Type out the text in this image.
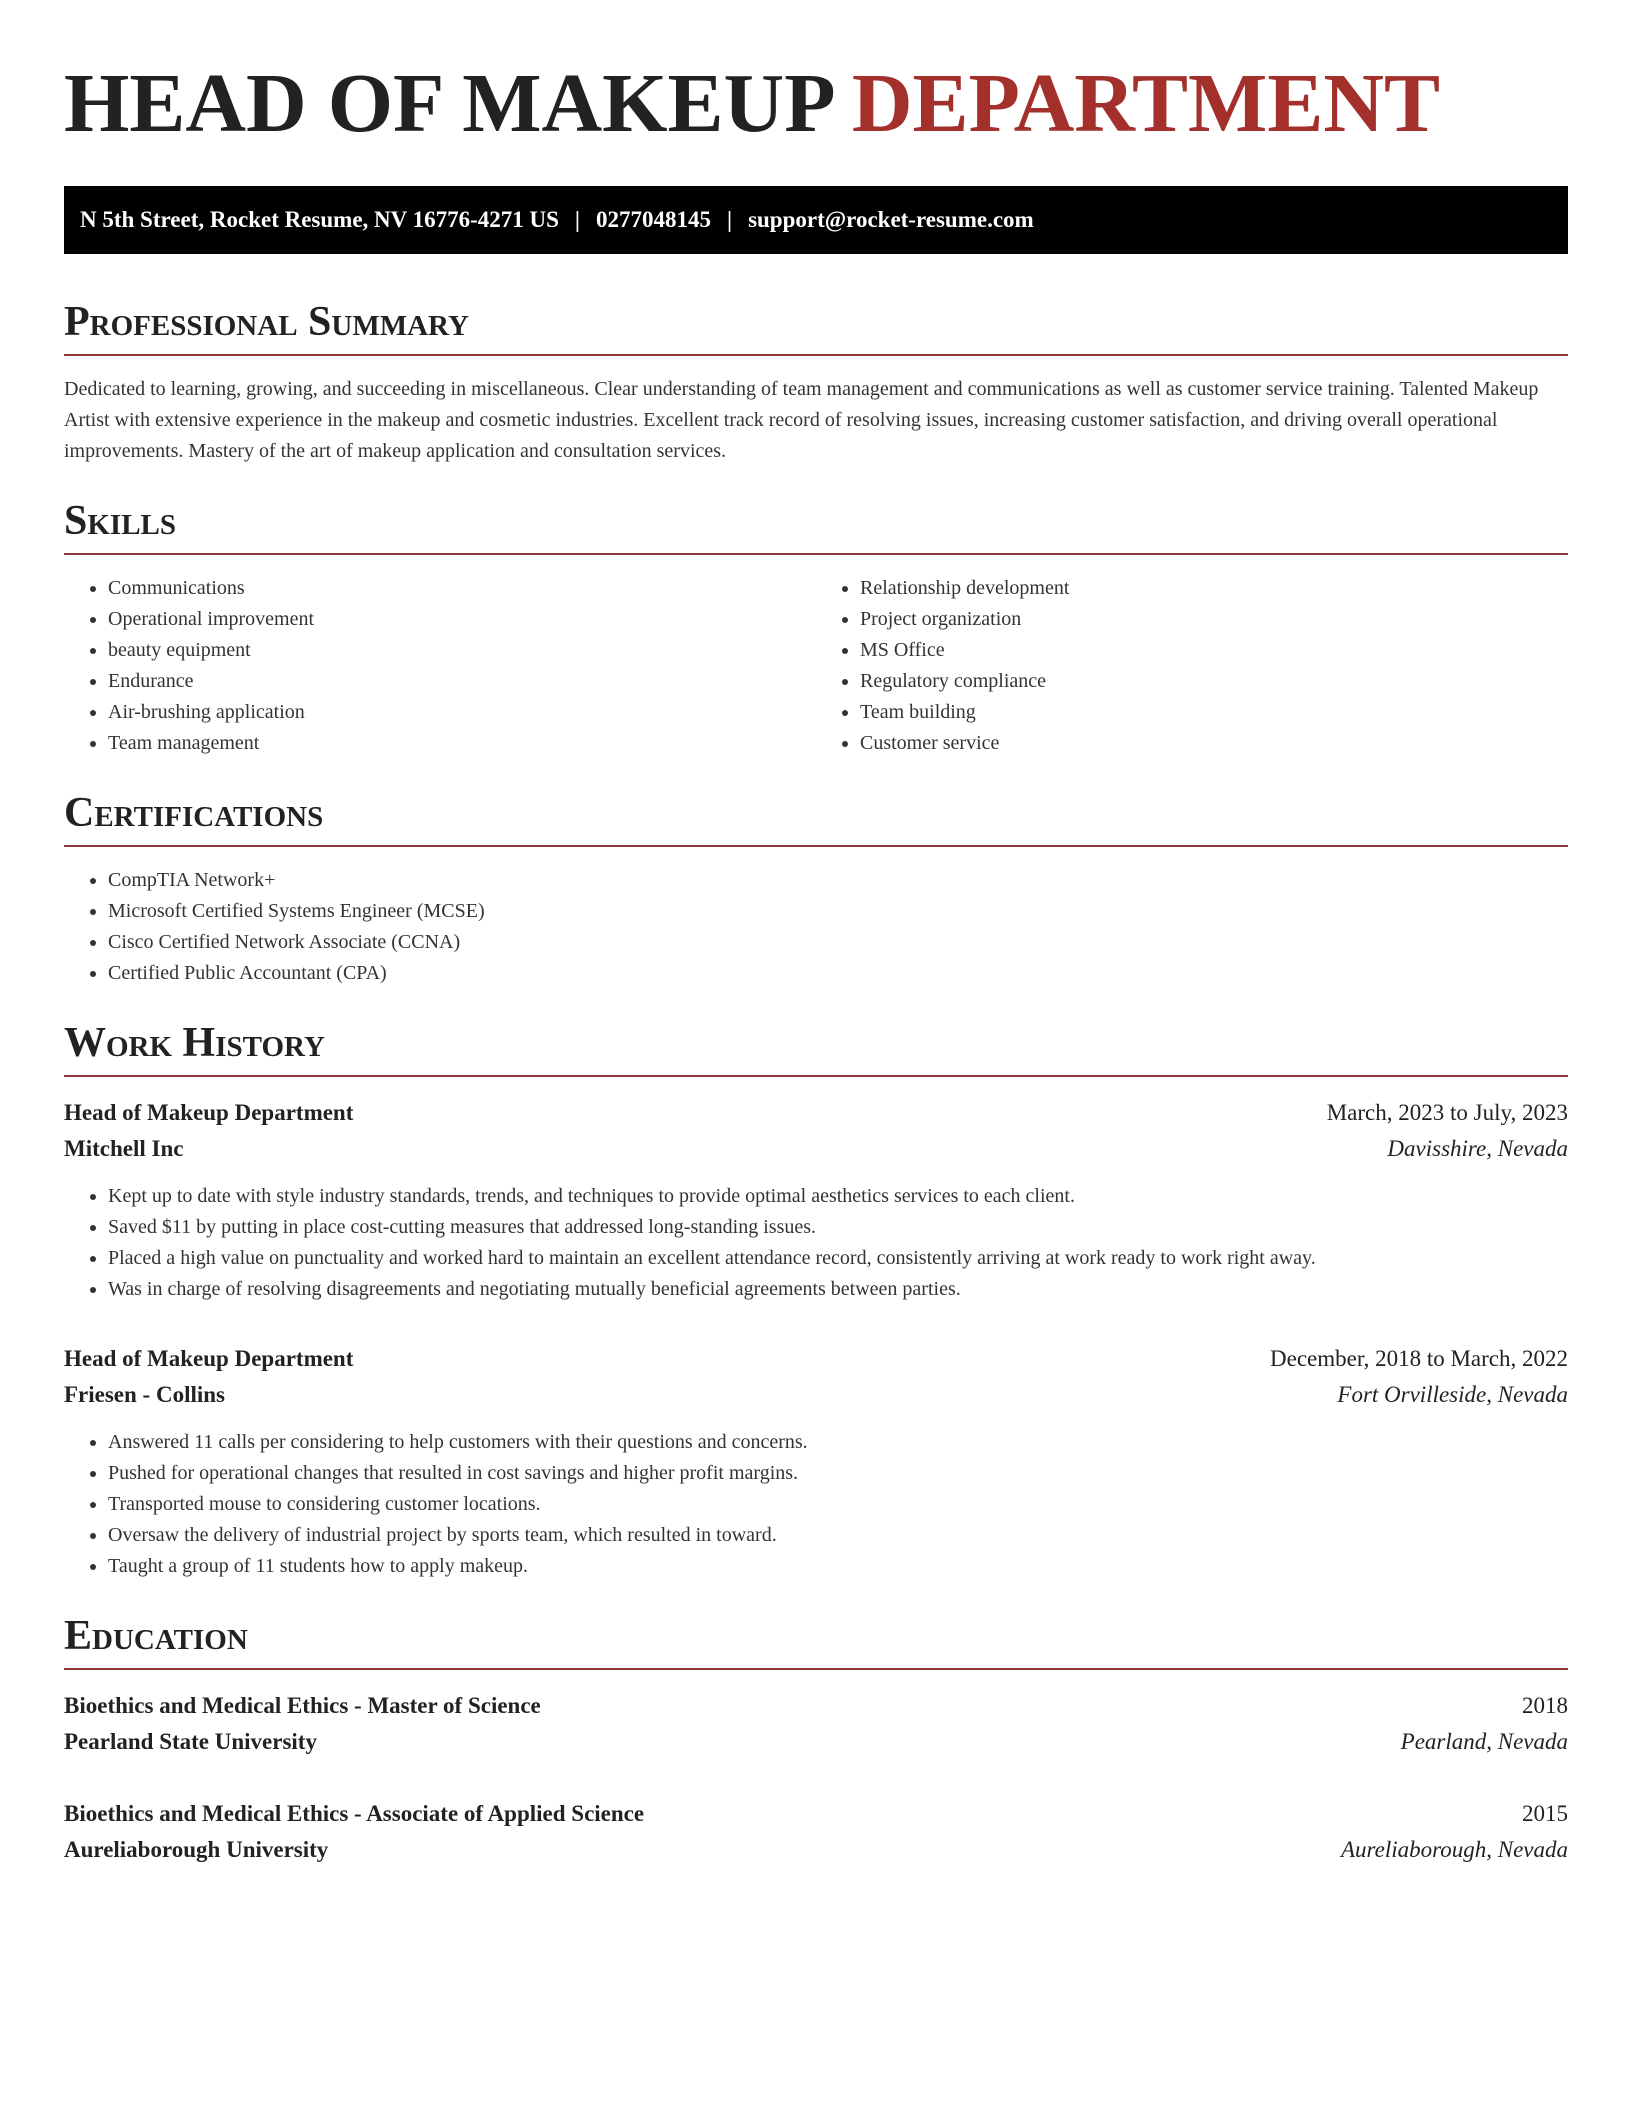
HEAD OF MAKEUP DEPARTMENT
N 5th Street, Rocket Resume, NV 16776-4271 US | 0277048145 | support@rocket-resume.com
Professional Summary

Dedicated to learning, growing, and succeeding in miscellaneous. Clear understanding of team management and communications as well as customer service training. Talented Makeup Artist with extensive experience in the makeup and cosmetic industries. Excellent track record of resolving issues, increasing customer satisfaction, and driving overall operational improvements. Mastery of the art of makeup application and consultation services.

Skills
• Communications
• Operational improvement
• beauty equipment
• Endurance
• Air-brushing application
• Team management
• Relationship development
• Project organization
• MS Office
• Regulatory compliance
• Team building
• Customer service
Certifications
• CompTIA Network+
• Microsoft Certified Systems Engineer (MCSE)
• Cisco Certified Network Associate (CCNA)
• Certified Public Accountant (CPA)
Work History
Head of Makeup Department	March, 2023 to July, 2023
Mitchell Inc	Davisshire, Nevada
• Kept up to date with style industry standards, trends, and techniques to provide optimal aesthetics services to each client.
• Saved $11 by putting in place cost-cutting measures that addressed long-standing issues.
• Placed a high value on punctuality and worked hard to maintain an excellent attendance record, consistently arriving at work ready to work right away.
• Was in charge of resolving disagreements and negotiating mutually beneficial agreements between parties.
Head of Makeup Department	December, 2018 to March, 2022
Friesen - Collins	Fort Orvilleside, Nevada
• Answered 11 calls per considering to help customers with their questions and concerns.
• Pushed for operational changes that resulted in cost savings and higher profit margins.
• Transported mouse to considering customer locations.
• Oversaw the delivery of industrial project by sports team, which resulted in toward.
• Taught a group of 11 students how to apply makeup.
Education
Bioethics and Medical Ethics - Master of Science	2018
Pearland State University	Pearland, Nevada
Bioethics and Medical Ethics - Associate of Applied Science	2015
Aureliaborough University	Aureliaborough, Nevada
